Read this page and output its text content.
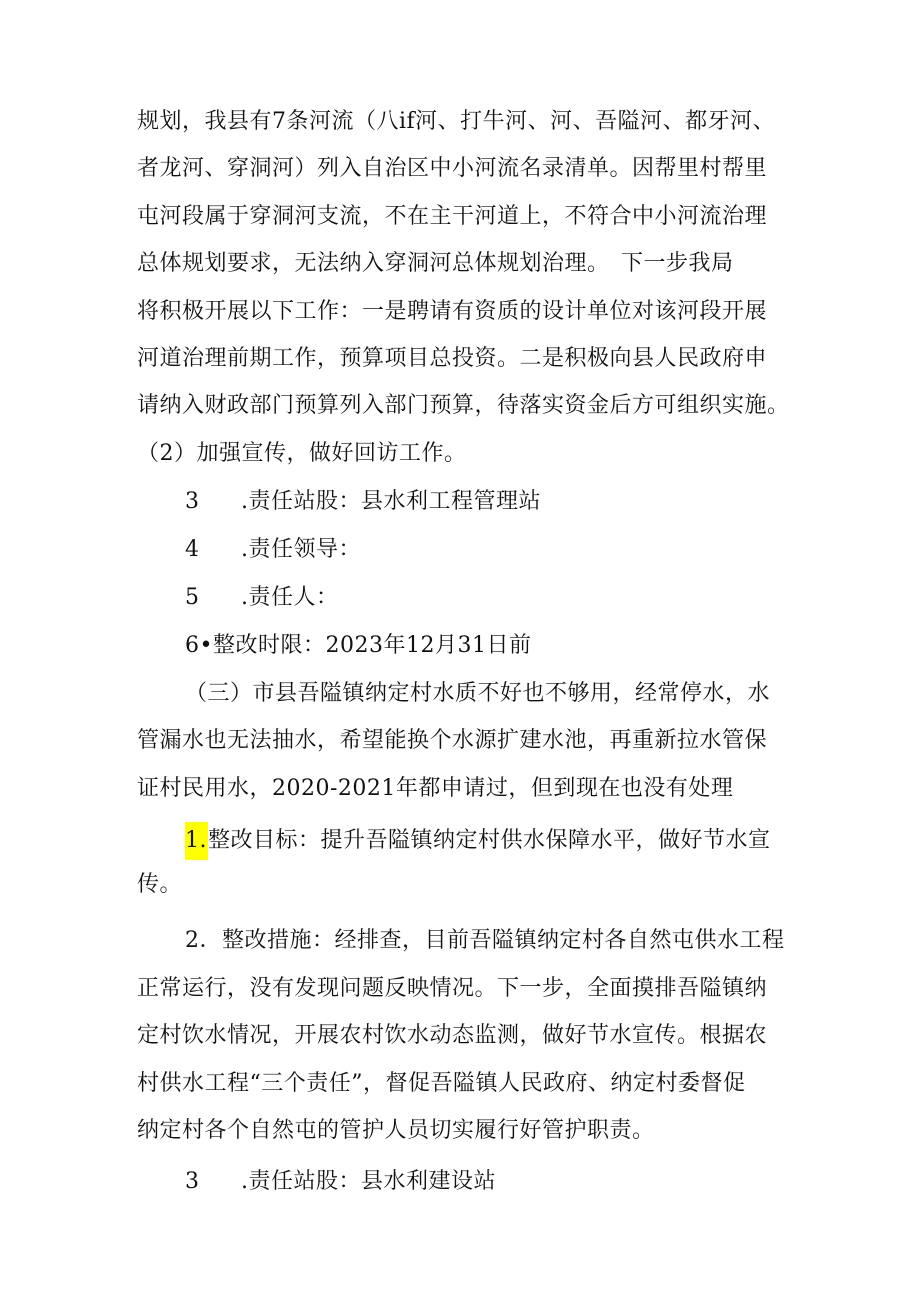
规划，我县有7条河流（八if河、打牛河、河、吾隘河、都牙河、
者龙河、穿洞河）列入自治区中小河流名录清单。因帮里村帮里
屯河段属于穿洞河支流，不在主干河道上，不符合中小河流治理
总体规划要求，无法纳入穿洞河总体规划治理。　下一步我局
将积极开展以下工作：一是聘请有资质的设计单位对该河段开展
河道治理前期工作，预算项目总投资。二是积极向县人民政府申
请纳入财政部门预算列入部门预算，待落实资金后方可组织实施。
（2）加强宣传，做好回访工作。
3 .责任站股：县水利工程管理站
4 .责任领导：
5 .责任人：
6•整改时限：2023年12月31日前
（三）市县吾隘镇纳定村水质不好也不够用，经常停水，水
管漏水也无法抽水，希望能换个水源扩建水池，再重新拉水管保
证村民用水，2020-2021年都申请过，但到现在也没有处理
1.整改目标：提升吾隘镇纳定村供水保障水平，做好节水宣
传。
2．整改措施：经排查，目前吾隘镇纳定村各自然屯供水工程
正常运行，没有发现问题反映情况。下一步，全面摸排吾隘镇纳
定村饮水情况，开展农村饮水动态监测，做好节水宣传。根据农
村供水工程“三个责任”，督促吾隘镇人民政府、纳定村委督促
纳定村各个自然屯的管护人员切实履行好管护职责。
3 .责任站股：县水利建设站
